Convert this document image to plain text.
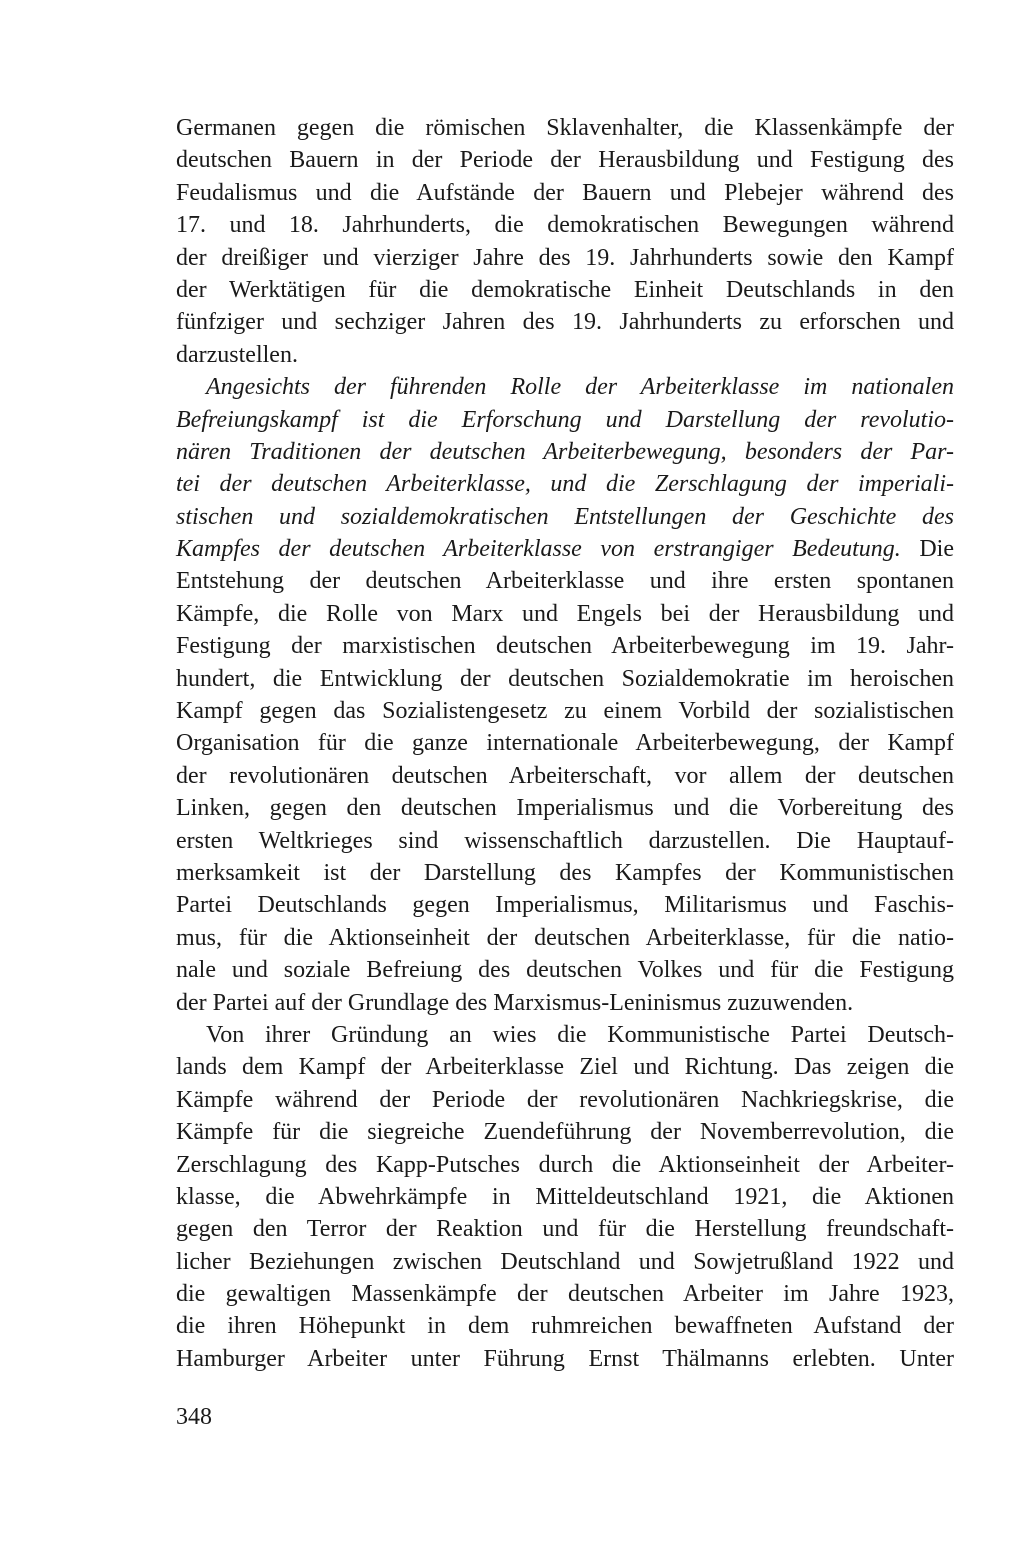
Germanen gegen die römischen Sklavenhalter, die Klassenkämpfe der
deutschen Bauern in der Periode der Herausbildung und Festigung des
Feudalismus und die Aufstände der Bauern und Plebejer während des
17. und 18. Jahrhunderts, die demokratischen Bewegungen während
der dreißiger und vierziger Jahre des 19. Jahrhunderts sowie den Kampf
der Werktätigen für die demokratische Einheit Deutschlands in den
fünfziger und sechziger Jahren des 19. Jahrhunderts zu erforschen und
darzustellen.
Angesichts der führenden Rolle der Arbeiterklasse im nationalen
Befreiungskampf ist die Erforschung und Darstellung der revolutio-
nären Traditionen der deutschen Arbeiterbewegung, besonders der Par-
tei der deutschen Arbeiterklasse, und die Zerschlagung der imperiali-
stischen und sozialdemokratischen Entstellungen der Geschichte des
Kampfes der deutschen Arbeiterklasse von erstrangiger Bedeutung. Die
Entstehung der deutschen Arbeiterklasse und ihre ersten spontanen
Kämpfe, die Rolle von Marx und Engels bei der Herausbildung und
Festigung der marxistischen deutschen Arbeiterbewegung im 19. Jahr-
hundert, die Entwicklung der deutschen Sozialdemokratie im heroischen
Kampf gegen das Sozialistengesetz zu einem Vorbild der sozialistischen
Organisation für die ganze internationale Arbeiterbewegung, der Kampf
der revolutionären deutschen Arbeiterschaft, vor allem der deutschen
Linken, gegen den deutschen Imperialismus und die Vorbereitung des
ersten Weltkrieges sind wissenschaftlich darzustellen. Die Hauptauf-
merksamkeit ist der Darstellung des Kampfes der Kommunistischen
Partei Deutschlands gegen Imperialismus, Militarismus und Faschis-
mus, für die Aktionseinheit der deutschen Arbeiterklasse, für die natio-
nale und soziale Befreiung des deutschen Volkes und für die Festigung
der Partei auf der Grundlage des Marxismus-Leninismus zuzuwenden.
Von ihrer Gründung an wies die Kommunistische Partei Deutsch-
lands dem Kampf der Arbeiterklasse Ziel und Richtung. Das zeigen die
Kämpfe während der Periode der revolutionären Nachkriegskrise, die
Kämpfe für die siegreiche Zuendeführung der Novemberrevolution, die
Zerschlagung des Kapp-Putsches durch die Aktionseinheit der Arbeiter-
klasse, die Abwehrkämpfe in Mitteldeutschland 1921, die Aktionen
gegen den Terror der Reaktion und für die Herstellung freundschaft-
licher Beziehungen zwischen Deutschland und Sowjetrußland 1922 und
die gewaltigen Massenkämpfe der deutschen Arbeiter im Jahre 1923,
die ihren Höhepunkt in dem ruhmreichen bewaffneten Aufstand der
Hamburger Arbeiter unter Führung Ernst Thälmanns erlebten. Unter
348
